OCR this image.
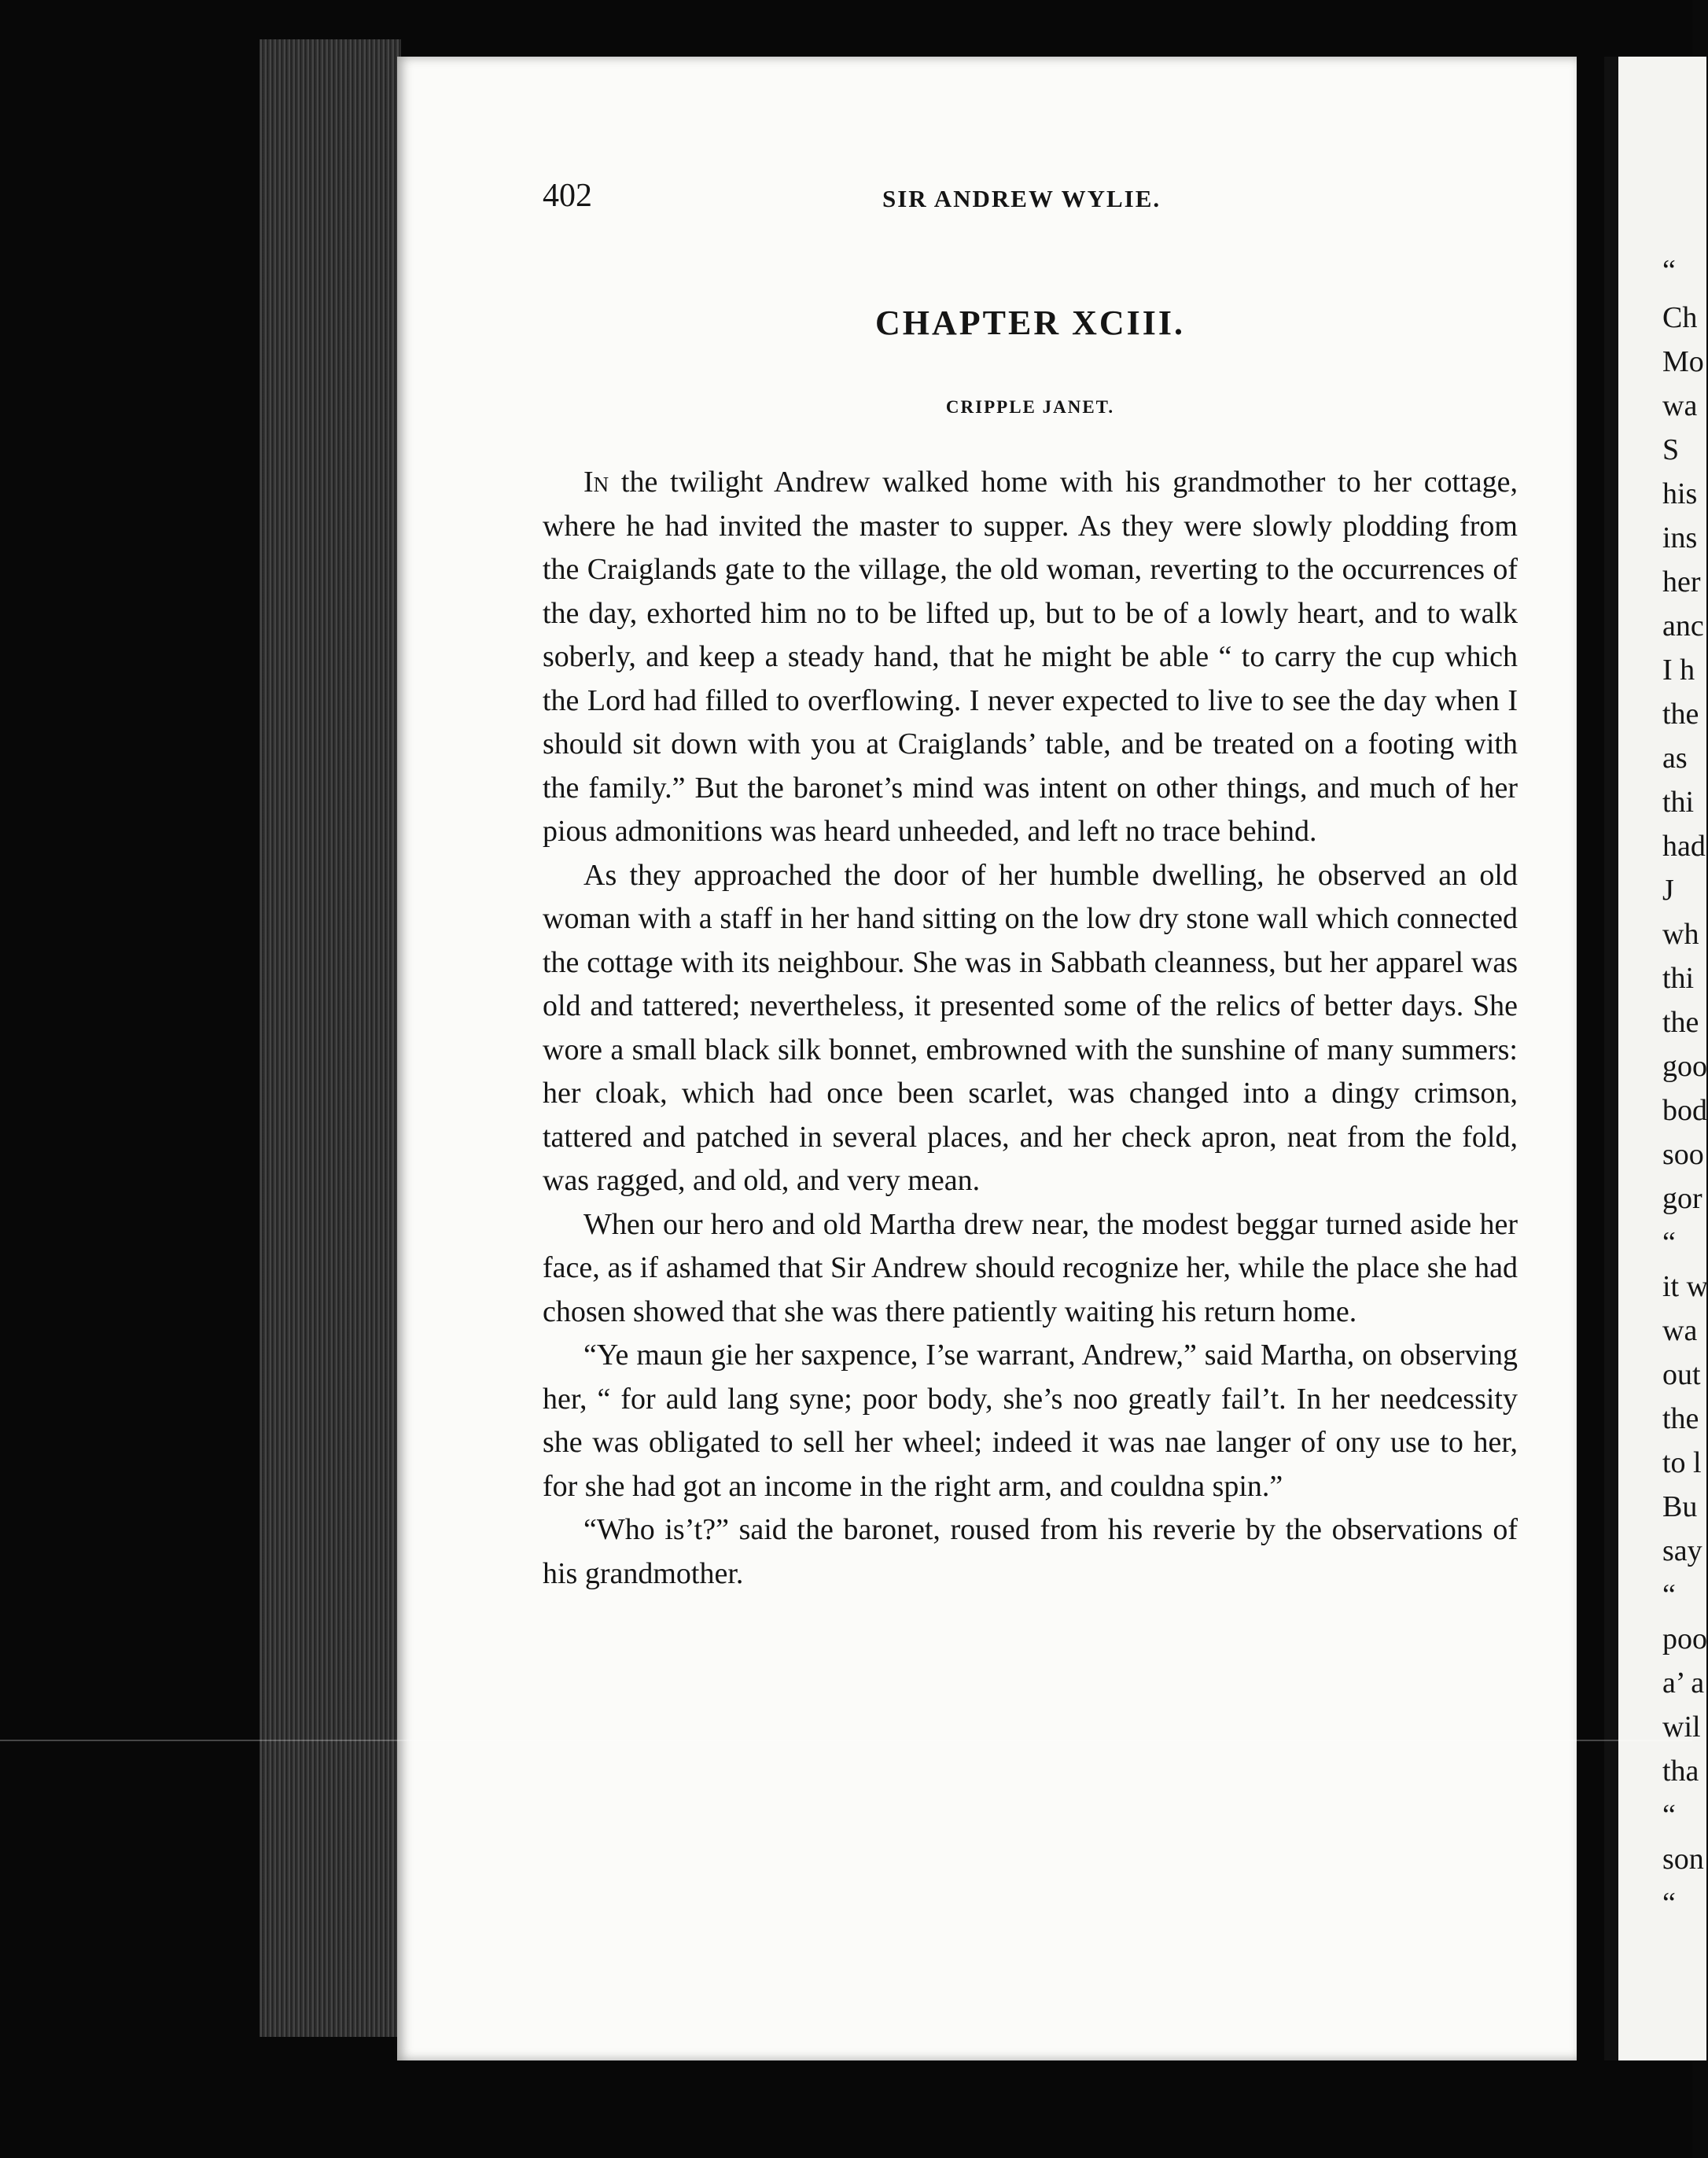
402	SIR ANDREW WYLIE.
CHAPTER XCIII.
CRIPPLE JANET.

In the twilight Andrew walked home with his grandmother to her cottage, where he had invited the master to supper. As they were slowly plodding from the Craiglands gate to the village, the old woman, reverting to the occurrences of the day, exhorted him no to be lifted up, but to be of a lowly heart, and to walk soberly, and keep a steady hand, that he might be able “ to carry the cup which the Lord had filled to overflowing. I never expected to live to see the day when I should sit down with you at Craiglands’ table, and be treated on a footing with the family.” But the baronet’s mind was intent on other things, and much of her pious admonitions was heard unheeded, and left no trace behind.

As they approached the door of her humble dwelling, he observed an old woman with a staff in her hand sitting on the low dry stone wall which connected the cottage with its neighbour. She was in Sabbath cleanness, but her apparel was old and tattered; nevertheless, it presented some of the relics of better days. She wore a small black silk bonnet, embrowned with the sunshine of many summers: her cloak, which had once been scarlet, was changed into a dingy crimson, tattered and patched in several places, and her check apron, neat from the fold, was ragged, and old, and very mean.

When our hero and old Martha drew near, the modest beggar turned aside her face, as if ashamed that Sir Andrew should recognize her, while the place she had chosen showed that she was there patiently waiting his return home.

“Ye maun gie her saxpence, I’se warrant, Andrew,” said Martha, on observing her, “ for auld lang syne; poor body, she’s noo greatly fail’t. In her needcessity she was obligated to sell her wheel; indeed it was nae langer of ony use to her, for she had got an income in the right arm, and couldna spin.”

“Who is’t?” said the baronet, roused from his reverie by the observations of his grandmother.

“
Ch
Mo
wa
S
his
ins
her
anc
I h
the
as
thi
had
J
wh
thi
the
goo
bod
soo
gor
“
it w
wa
out
the
to l
Bu
say
“
poo
a’ a
wil
tha
“
son
“
